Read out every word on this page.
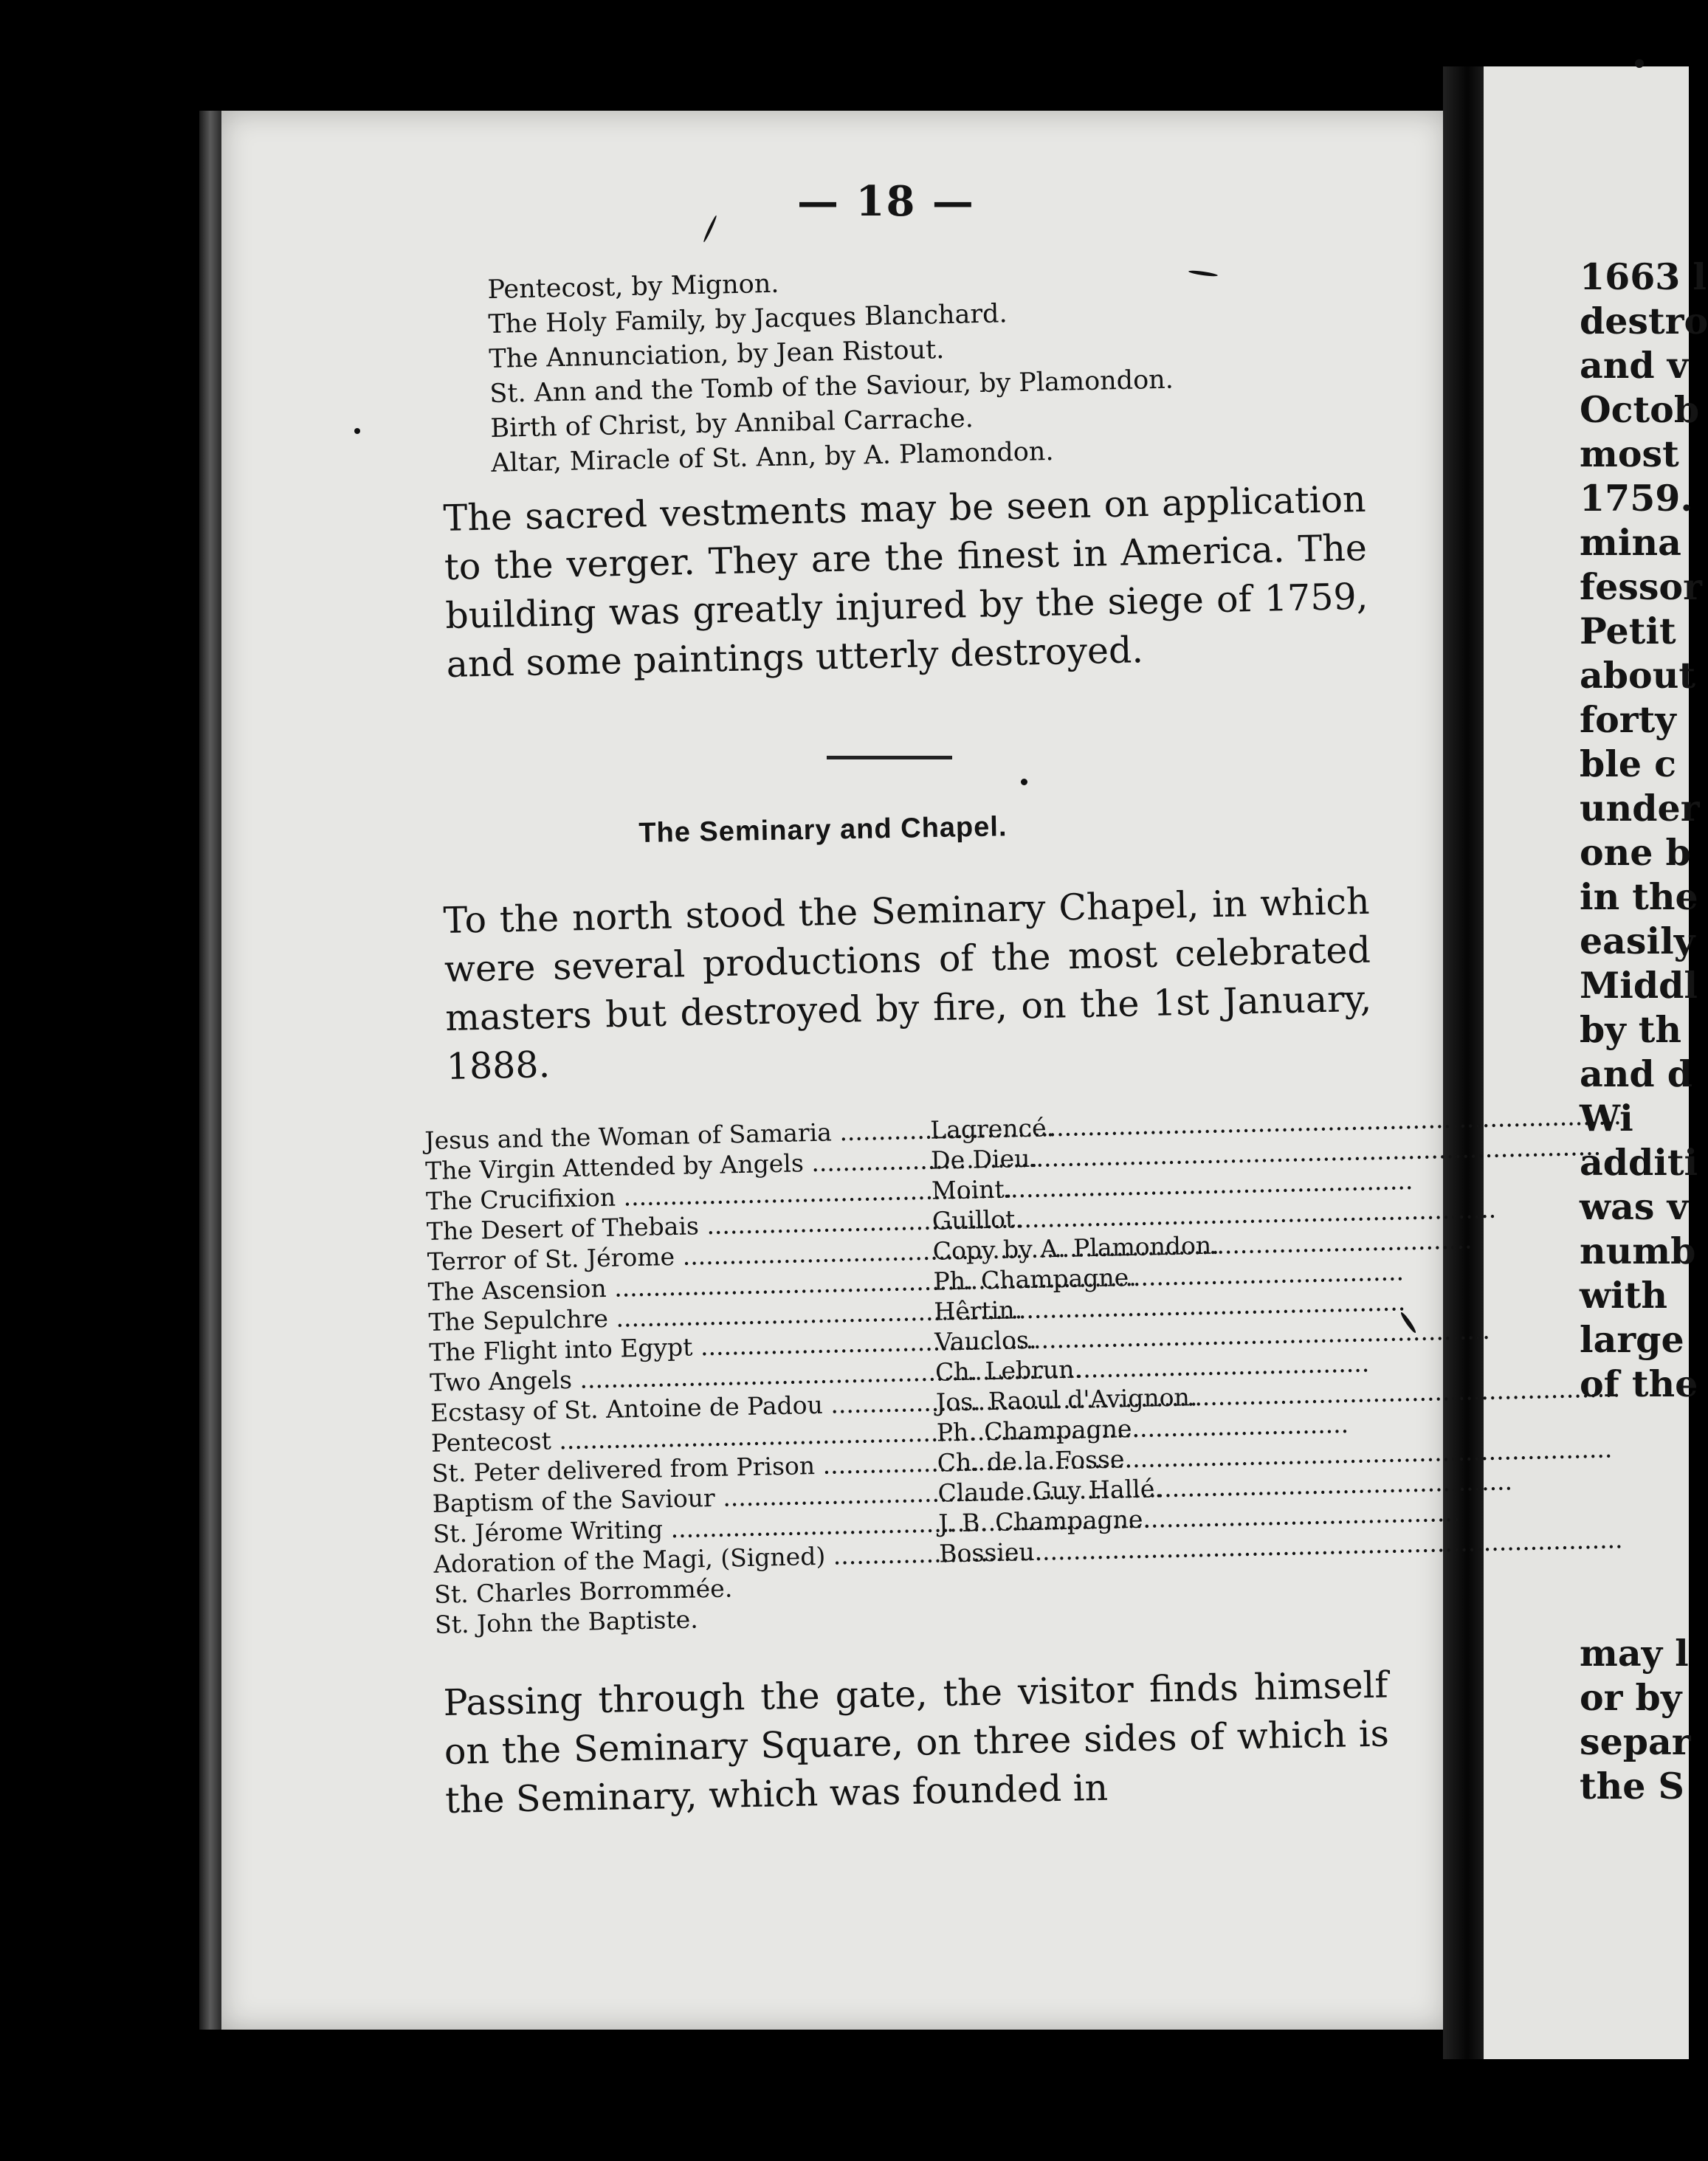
— 18 —
Pentecost, by Mignon.
The Holy Family, by Jacques Blanchard.
The Annunciation, by Jean Ristout.
St. Ann and the Tomb of the Saviour, by Plamondon.
Birth of Christ, by Annibal Carrache.
Altar, Miracle of St. Ann, by A. Plamondon.

The sacred vestments may be seen on application to the verger. They are the finest in America. The building was greatly injured by the siege of 1759, and some paintings utterly destroyed.

The Seminary and Chapel.

To the north stood the Seminary Chapel, in which were several productions of the most celebrated masters but destroyed by fire, on the 1st January, 1888.

Jesus and the Woman of Samaria .....	Lagrencé.
The Virgin Attended by Angels .....	De Dieu.
The Crucifixion .....	Moint.
The Desert of Thebais .....	Guillot.
Terror of St. Jérome .....	Copy by A. Plamondon.
The Ascension .....	Ph. Champagne.
The Sepulchre .....	Hêrtin.
The Flight into Egypt .....	Vauclos.
Two Angels .....	Ch. Lebrun.
Ecstasy of St. Antoine de Padou .....	Jos. Raoul d'Avignon.
Pentecost .....	Ph. Champagne.
St. Peter delivered from Prison .....	Ch. de la Fosse.
Baptism of the Saviour .....	Claude Guy Hallé.
St. Jérome Writing .....	J. B. Champagne.
Adoration of the Magi, (Signed) .....	Bossieu.
St. Charles Borrommée.
St. John the Baptiste.

Passing through the gate, the visitor finds himself on the Seminary Square, on three sides of which is the Seminary, which was founded in

1663 l
destro
and v
Octob
most
1759.
mina
fessor
Petit
about
forty
ble c
under
one b
in the
easily
Middl
by th
and d
Wi
additi
was v
numb
with
large
of the
may l
or by
separ
the S
